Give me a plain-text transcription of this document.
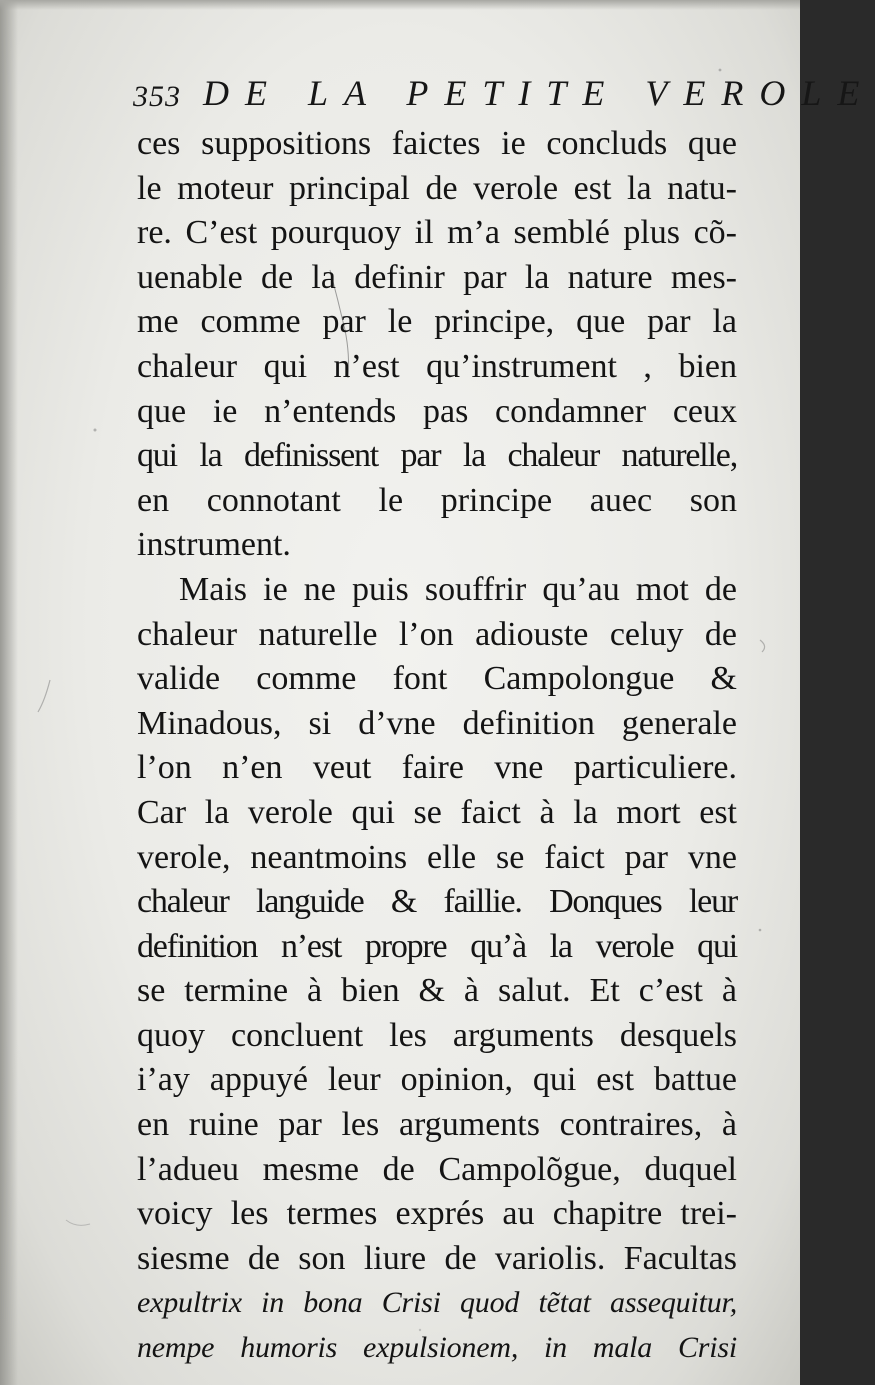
353 DE LA PETITE VEROLE
ces suppositions faictes ie concluds que
le moteur principal de verole est la natu-
re. C’est pourquoy il m’a semblé plus cõ-
uenable de la definir par la nature mes-
me comme par le principe, que par la
chaleur qui n’est qu’instrument , bien
que ie n’entends pas condamner ceux
qui la definissent par la chaleur naturelle,
en connotant le principe auec son
instrument.
Mais ie ne puis souffrir qu’au mot de
chaleur naturelle l’on adiouste celuy de
valide comme font Campolongue &
Minadous, si d’vne definition generale
l’on n’en veut faire vne particuliere.
Car la verole qui se faict à la mort est
verole, neantmoins elle se faict par vne
chaleur languide & faillie. Donques leur
definition n’est propre qu’à la verole qui
se termine à bien & à salut. Et c’est à
quoy concluent les arguments desquels
i’ay appuyé leur opinion, qui est battue
en ruine par les arguments contraires, à
l’adueu mesme de Campolõgue, duquel
voicy les termes exprés au chapitre trei-
siesme de son liure de variolis. Facultas
expultrix in bona Crisi quod tẽtat assequitur,
nempe humoris expulsionem, in mala Crisi
